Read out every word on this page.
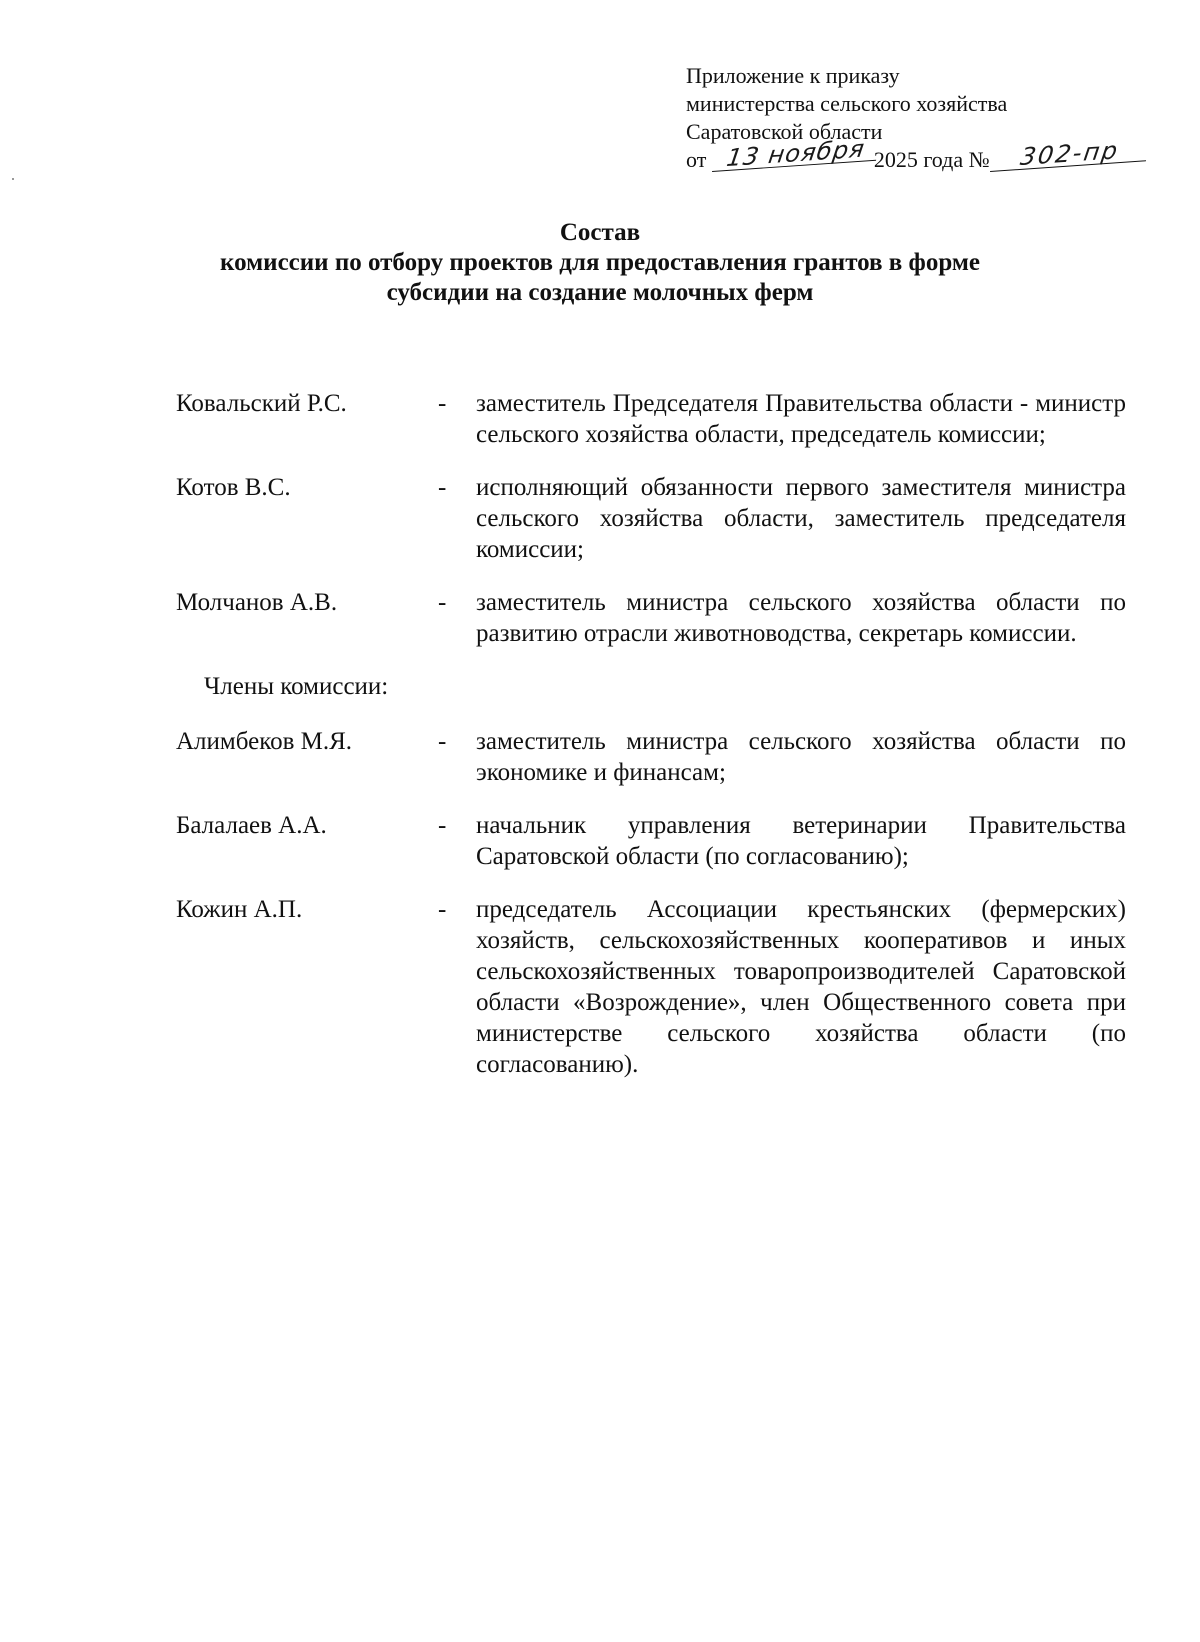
Приложение к приказу
министерства сельского хозяйства
Саратовской области
от 13 ноября 2025 года № 302-пр
Состав
комиссии по отбору проектов для предоставления грантов в форме
субсидии на создание молочных ферм
Ковальский Р.С.	-	заместитель Председателя Правительства области - министр сельского хозяйства области, председатель комиссии;
Котов В.С.	-	исполняющий обязанности первого заместителя министра сельского хозяйства области, заместитель председателя комиссии;
Молчанов А.В.	-	заместитель министра сельского хозяйства области по развитию отрасли животноводства, секретарь комиссии.
Члены комиссии:
Алимбеков М.Я.	-	заместитель министра сельского хозяйства области по экономике и финансам;
Балалаев А.А.	-	начальник управления ветеринарии Правительства Саратовской области (по согласованию);
Кожин А.П.	-	председатель Ассоциации крестьянских (фермерских) хозяйств, сельскохозяйственных кооперативов и иных сельскохозяйственных товаропроизводителей Саратовской области «Возрождение», член Общественного совета при министерстве сельского хозяйства области (по согласованию).
